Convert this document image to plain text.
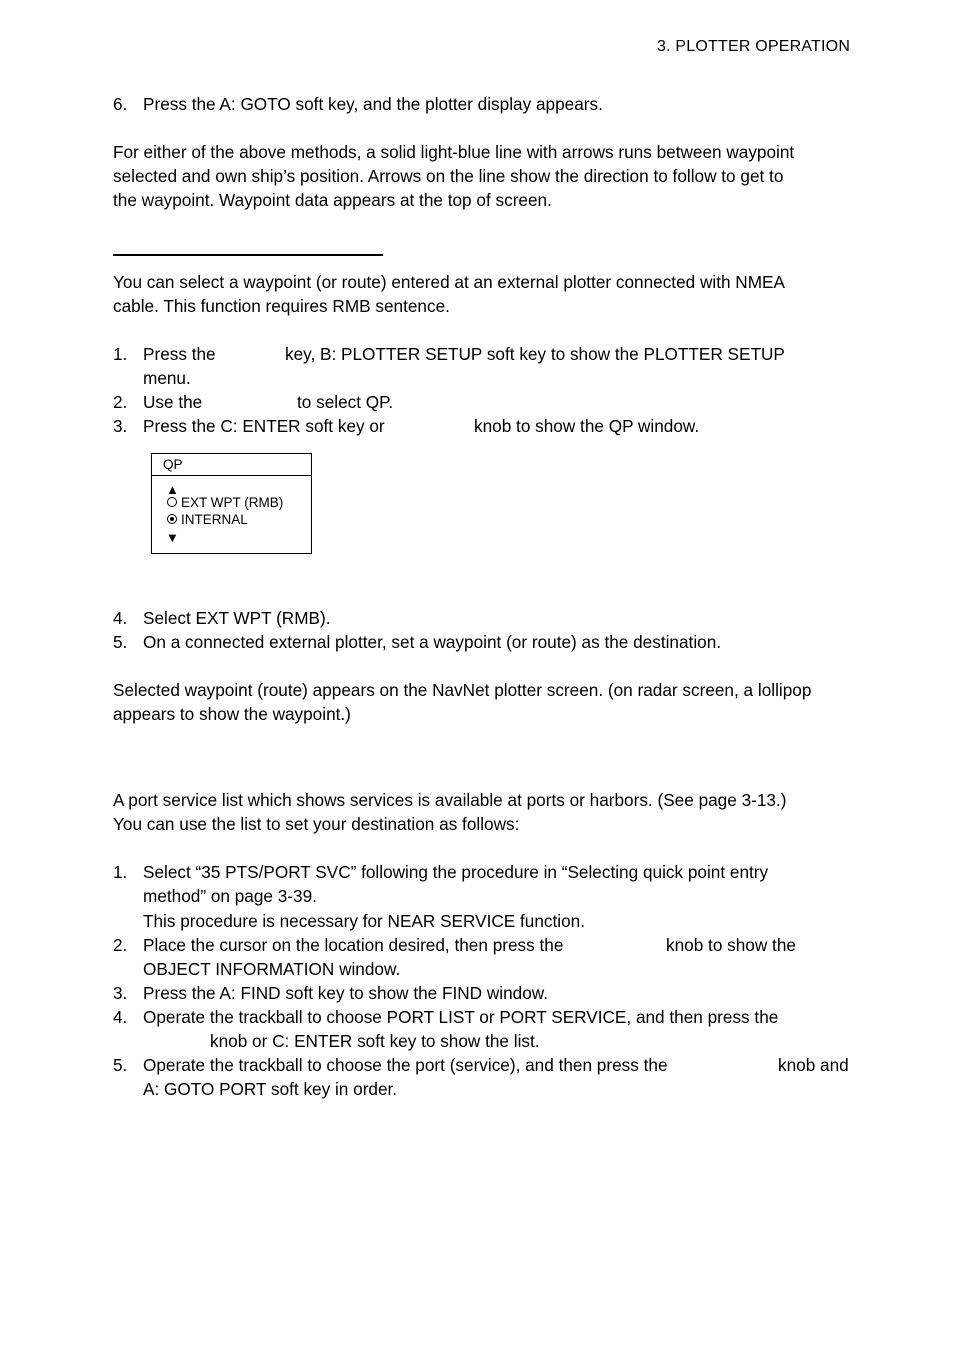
3. PLOTTER OPERATION
6. Press the A: GOTO soft key, and the plotter display appears.
For either of the above methods, a solid light-blue line with arrows runs between waypoint
selected and own ship’s position. Arrows on the line show the direction to follow to get to
the waypoint. Waypoint data appears at the top of screen.
You can select a waypoint (or route) entered at an external plotter connected with NMEA
cable. This function requires RMB sentence.
1. Press the	key, B: PLOTTER SETUP soft key to show the PLOTTER SETUP
menu.
2. Use the	to select QP.
3. Press the C: ENTER soft key or	knob to show the QP window.
QP
▲
EXT WPT (RMB)
INTERNAL
▼
4. Select EXT WPT (RMB).
5. On a connected external plotter, set a waypoint (or route) as the destination.
Selected waypoint (route) appears on the NavNet plotter screen. (on radar screen, a lollipop
appears to show the waypoint.)
A port service list which shows services is available at ports or harbors. (See page 3-13.)
You can use the list to set your destination as follows:
1. Select “35 PTS/PORT SVC” following the procedure in “Selecting quick point entry
method” on page 3-39.
This procedure is necessary for NEAR SERVICE function.
2. Place the cursor on the location desired, then press the	knob to show the
OBJECT INFORMATION window.
3. Press the A: FIND soft key to show the FIND window.
4. Operate the trackball to choose PORT LIST or PORT SERVICE, and then press the
knob or C: ENTER soft key to show the list.
5. Operate the trackball to choose the port (service), and then press the	knob and
A: GOTO PORT soft key in order.
